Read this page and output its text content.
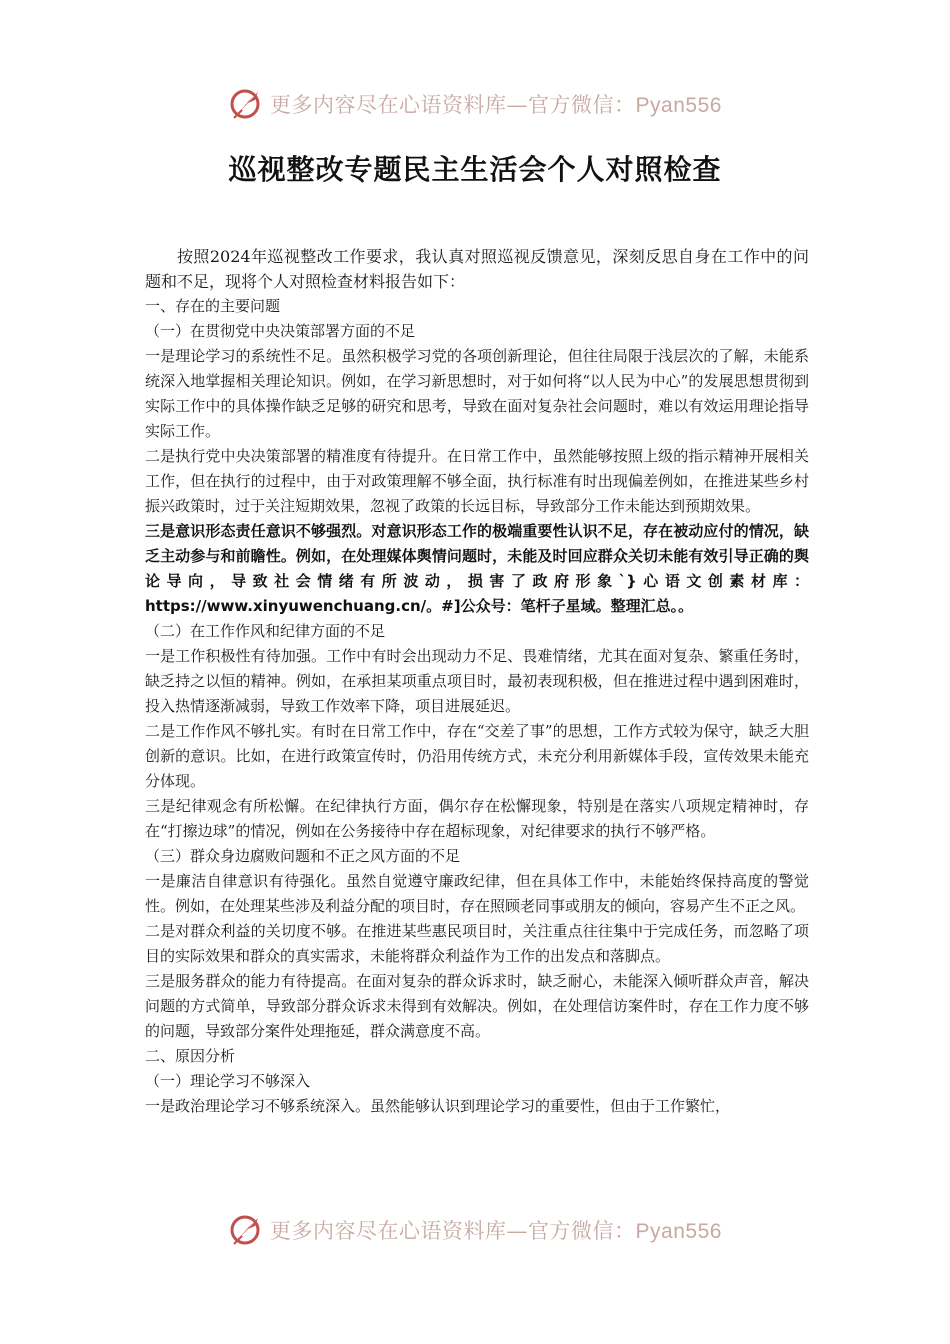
更多内容尽在心语资料库—官方微信：Pyan556
巡视整改专题民主生活会个人对照检查

按照2024年巡视整改工作要求，我认真对照巡视反馈意见，深刻反思自身在工作中的问题和不足，现将个人对照检查材料报告如下：

一、存在的主要问题

（一）在贯彻党中央决策部署方面的不足

一是理论学习的系统性不足。虽然积极学习党的各项创新理论，但往往局限于浅层次的了解，未能系统深入地掌握相关理论知识。例如，在学习新思想时，对于如何将“以人民为中心”的发展思想贯彻到实际工作中的具体操作缺乏足够的研究和思考，导致在面对复杂社会问题时，难以有效运用理论指导实际工作。

二是执行党中央决策部署的精准度有待提升。在日常工作中，虽然能够按照上级的指示精神开展相关工作，但在执行的过程中，由于对政策理解不够全面，执行标准有时出现偏差例如，在推进某些乡村振兴政策时，过于关注短期效果，忽视了政策的长远目标，导致部分工作未能达到预期效果。

三是意识形态责任意识不够强烈。对意识形态工作的极端重要性认识不足，存在被动应付的情况，缺乏主动参与和前瞻性。例如，在处理媒体舆情问题时，未能及时回应群众关切未能有效引导正确的舆论导向，导致社会情绪有所波动，损害了政府形象`}心语文创素材库：https://www.xinyuwenchuang.cn/。#]公众号：笔杆子星域。整理汇总。。

（二）在工作作风和纪律方面的不足

一是工作积极性有待加强。工作中有时会出现动力不足、畏难情绪，尤其在面对复杂、繁重任务时，缺乏持之以恒的精神。例如，在承担某项重点项目时，最初表现积极，但在推进过程中遇到困难时，投入热情逐渐减弱，导致工作效率下降，项目进展延迟。

二是工作作风不够扎实。有时在日常工作中，存在“交差了事”的思想，工作方式较为保守，缺乏大胆创新的意识。比如，在进行政策宣传时，仍沿用传统方式，未充分利用新媒体手段，宣传效果未能充分体现。

三是纪律观念有所松懈。在纪律执行方面，偶尔存在松懈现象，特别是在落实八项规定精神时，存在“打擦边球”的情况，例如在公务接待中存在超标现象，对纪律要求的执行不够严格。

（三）群众身边腐败问题和不正之风方面的不足

一是廉洁自律意识有待强化。虽然自觉遵守廉政纪律，但在具体工作中，未能始终保持高度的警觉性。例如，在处理某些涉及利益分配的项目时，存在照顾老同事或朋友的倾向，容易产生不正之风。

二是对群众利益的关切度不够。在推进某些惠民项目时，关注重点往往集中于完成任务，而忽略了项目的实际效果和群众的真实需求，未能将群众利益作为工作的出发点和落脚点。

三是服务群众的能力有待提高。在面对复杂的群众诉求时，缺乏耐心，未能深入倾听群众声音，解决问题的方式简单，导致部分群众诉求未得到有效解决。例如，在处理信访案件时，存在工作力度不够的问题，导致部分案件处理拖延，群众满意度不高。

二、原因分析

（一）理论学习不够深入

一是政治理论学习不够系统深入。虽然能够认识到理论学习的重要性，但由于工作繁忙，

更多内容尽在心语资料库—官方微信：Pyan556
